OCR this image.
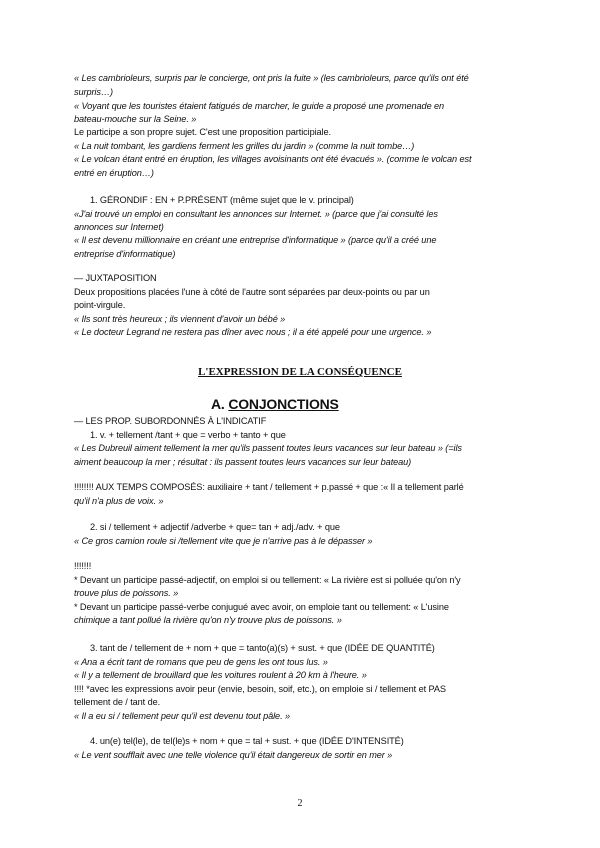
« Les cambrioleurs, surpris par le concierge, ont pris la fuite » (les cambrioleurs, parce qu'ils ont été
surpris…)
« Voyant que les touristes étaient fatigués de marcher, le guide a proposé une promenade en
bateau-mouche sur la Seine. »
Le participe a son propre sujet. C'est une proposition participiale.
« La nuit tombant, les gardiens ferment les grilles du jardin » (comme la nuit tombe…)
« Le volcan étant entré en éruption, les villages avoisinants ont été évacués ». (comme le volcan est
entré en éruption…)
1. GÉRONDIF : EN + P.PRÉSENT (même sujet que le v. principal)
«J'ai trouvé un emploi en consultant les annonces sur Internet. » (parce que j'ai consulté les
annonces sur Internet)
« Il est devenu millionnaire en créant une entreprise d'informatique » (parce qu'il a créé une
entreprise d'informatique)
— JUXTAPOSITION
Deux propositions placées l'une à côté de l'autre sont séparées par deux-points ou par un
point-virgule.
« Ils sont très heureux ; ils viennent d'avoir un bébé »
« Le docteur Legrand ne restera pas dîner avec nous ; il a été appelé pour une urgence. »
L'EXPRESSION DE LA CONSÉQUENCE
A. CONJONCTIONS
— LES PROP. SUBORDONNÉS À L'INDICATIF
1. v. + tellement /tant + que = verbo + tanto + que
« Les Dubreuil aiment tellement la mer qu'ils passent toutes leurs vacances sur leur bateau » (=ils
aiment beaucoup la mer ; résultat : ils passent toutes leurs vacances sur leur bateau)
!!!!!!!! AUX TEMPS COMPOSÉS: auxiliaire + tant / tellement + p.passé + que :« Il a tellement parlé
qu'il n'a plus de voix. »
2. si / tellement + adjectif /adverbe + que= tan + adj./adv. + que
« Ce gros camion roule si /tellement vite que je n'arrive pas à le dépasser »
!!!!!!!
* Devant un participe passé-adjectif, on emploi si ou tellement: « La rivière est si polluée qu'on n'y
trouve plus de poissons. »
* Devant un participe passé-verbe conjugué avec avoir, on emploie tant ou tellement: « L'usine
chimique a tant pollué la rivière qu'on n'y trouve plus de poissons. »
3. tant de / tellement de + nom + que = tanto(a)(s) + sust. + que (IDÉE DE QUANTITÉ)
« Ana a écrit tant de romans que peu de gens les ont tous lus. »
« Il y a tellement de brouillard que les voitures roulent à 20 km à l'heure. »
!!!! *avec les expressions avoir peur (envie, besoin, soif, etc.), on emploie si / tellement et PAS
tellement de / tant de.
« Il a eu si / tellement peur qu'il est devenu tout pâle. »
4. un(e) tel(le), de tel(le)s + nom + que = tal + sust. + que (IDÉE D'INTENSITÉ)
« Le vent soufflait avec une telle violence qu'il était dangereux de sortir en mer »
2
